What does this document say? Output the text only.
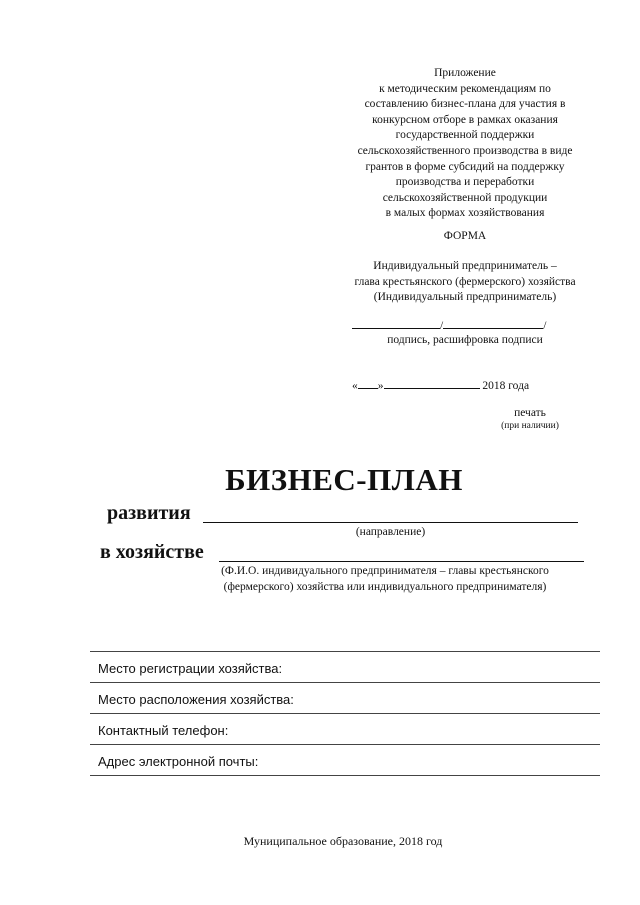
Приложение
к методическим рекомендациям по
составлению бизнес-плана для участия в
конкурсном отборе в рамках оказания
государственной поддержки
сельскохозяйственного производства в виде
грантов в форме субсидий на поддержку
производства и переработки
сельскохозяйственной продукции
в малых формах хозяйствования
ФОРМА
Индивидуальный предприниматель –
глава крестьянского (фермерского) хозяйства
(Индивидуальный предприниматель)
/	/
подпись, расшифровка подписи
« »	2018 года
печать
(при наличии)
БИЗНЕС-ПЛАН
развития
(направление)
в хозяйстве
(Ф.И.О. индивидуального предпринимателя – главы крестьянского
(фермерского) хозяйства или индивидуального предпринимателя)
Место регистрации хозяйства:
Место расположения хозяйства:
Контактный телефон:
Адрес электронной почты:
Муниципальное образование, 2018 год
